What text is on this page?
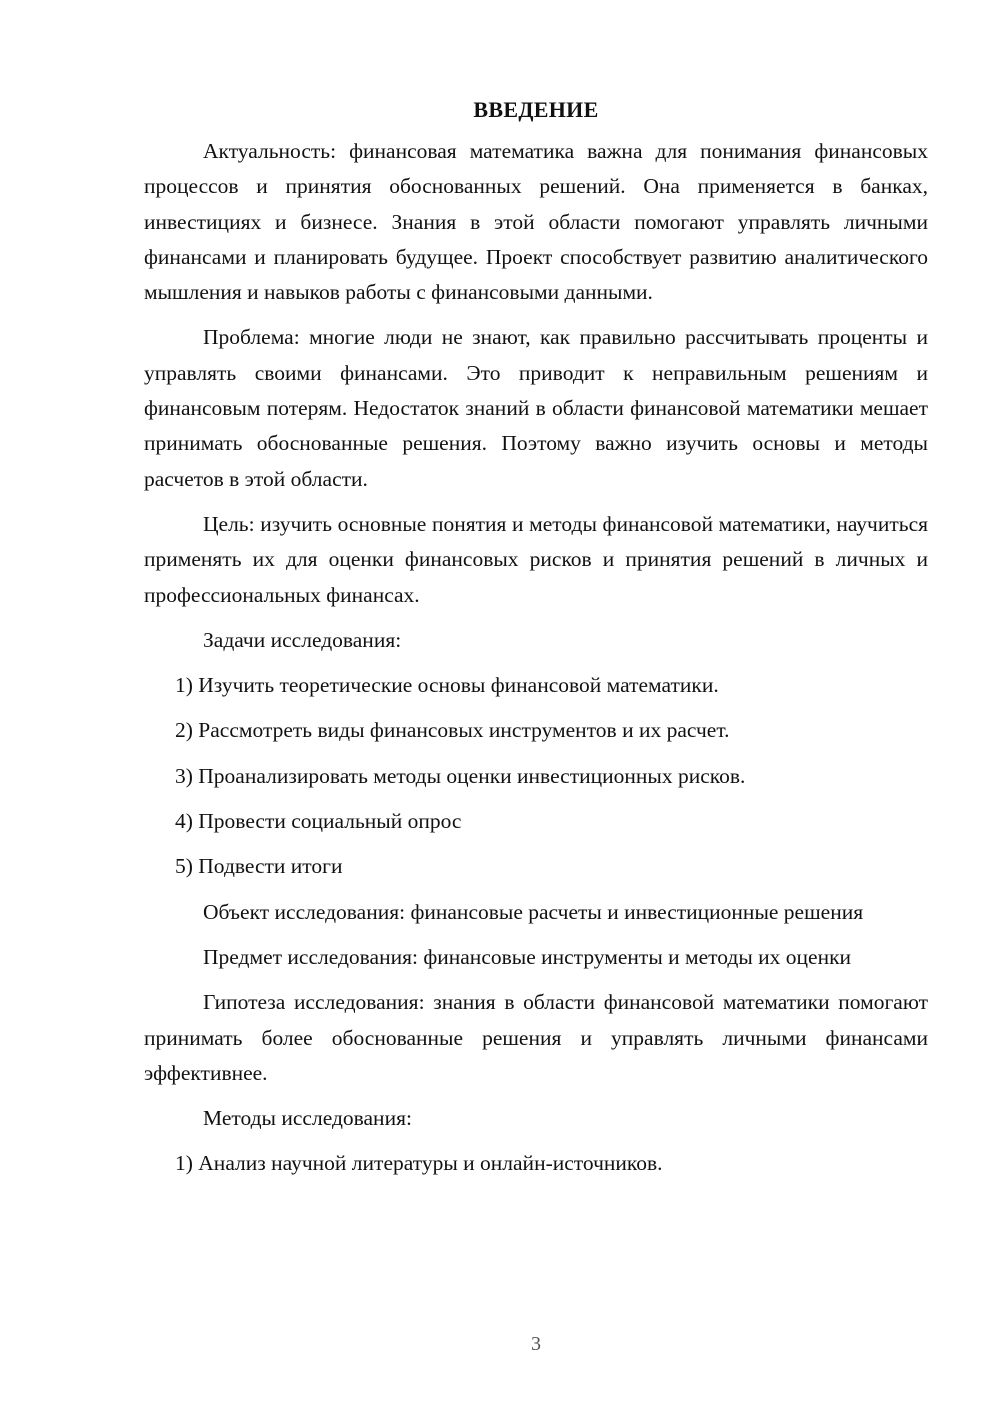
ВВЕДЕНИЕ

Актуальность: финансовая математика важна для понимания финансовых процессов и принятия обоснованных решений. Она применяется в банках, инвестициях и бизнесе. Знания в этой области помогают управлять личными финансами и планировать будущее. Проект способствует развитию аналитического мышления и навыков работы с финансовыми данными.

Проблема: многие люди не знают, как правильно рассчитывать проценты и управлять своими финансами. Это приводит к неправильным решениям и финансовым потерям. Недостаток знаний в области финансовой математики мешает принимать обоснованные решения. Поэтому важно изучить основы и методы расчетов в этой области.

Цель: изучить основные понятия и методы финансовой математики, научиться применять их для оценки финансовых рисков и принятия решений в личных и профессиональных финансах.

Задачи исследования:

1) Изучить теоретические основы финансовой математики.
2) Рассмотреть виды финансовых инструментов и их расчет.
3) Проанализировать методы оценки инвестиционных рисков.
4) Провести социальный опрос
5) Подвести итоги

Объект исследования: финансовые расчеты и инвестиционные решения

Предмет исследования: финансовые инструменты и методы их оценки

Гипотеза исследования: знания в области финансовой математики помогают принимать более обоснованные решения и управлять личными финансами эффективнее.

Методы исследования:

1) Анализ научной литературы и онлайн-источников.
3
